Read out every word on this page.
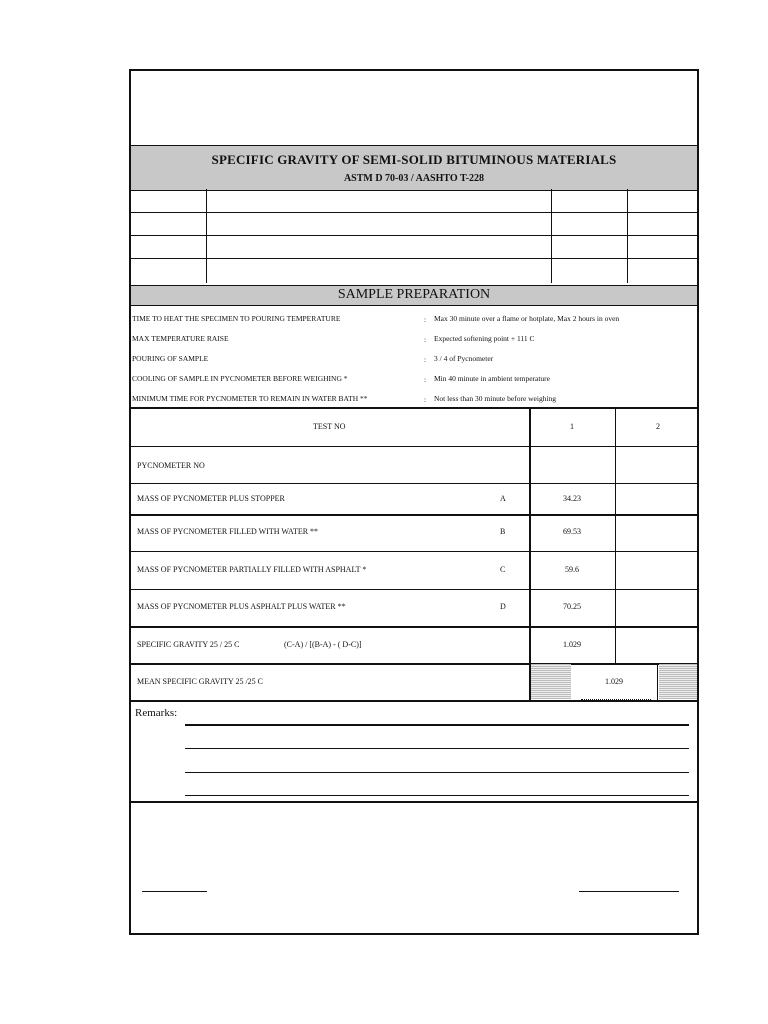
SPECIFIC GRAVITY OF SEMI-SOLID BITUMINOUS MATERIALS
ASTM D 70-03 / AASHTO T-228
SAMPLE PREPARATION
TIME TO HEAT THE SPECIMEN TO POURING TEMPERATURE	: Max 30 minute over a flame or hotplate, Max 2 hours in oven
MAX TEMPERATURE RAISE	: Expected softening point + 111 C
POURING OF SAMPLE	: 3 / 4 of Pycnometer
COOLING OF SAMPLE IN PYCNOMETER BEFORE WEIGHING *	: Min 40 minute in ambient temperature
MINIMUM TIME FOR PYCNOMETER TO REMAIN IN WATER BATH **	: Not less than 30 minute before weighing
TEST NO	1	2
PYCNOMETER NO
MASS OF PYCNOMETER PLUS STOPPER	A	34.23
MASS OF PYCNOMETER FILLED WITH WATER **	B	69.53
MASS OF PYCNOMETER PARTIALLY FILLED WITH ASPHALT *	C	59.6
MASS OF PYCNOMETER PLUS ASPHALT PLUS WATER **	D	70.25
SPECIFIC GRAVITY 25 / 25 C	(C-A) / [(B-A) - ( D-C)]	1.029
MEAN SPECIFIC GRAVITY 25 /25 C	1.029
Remarks:
